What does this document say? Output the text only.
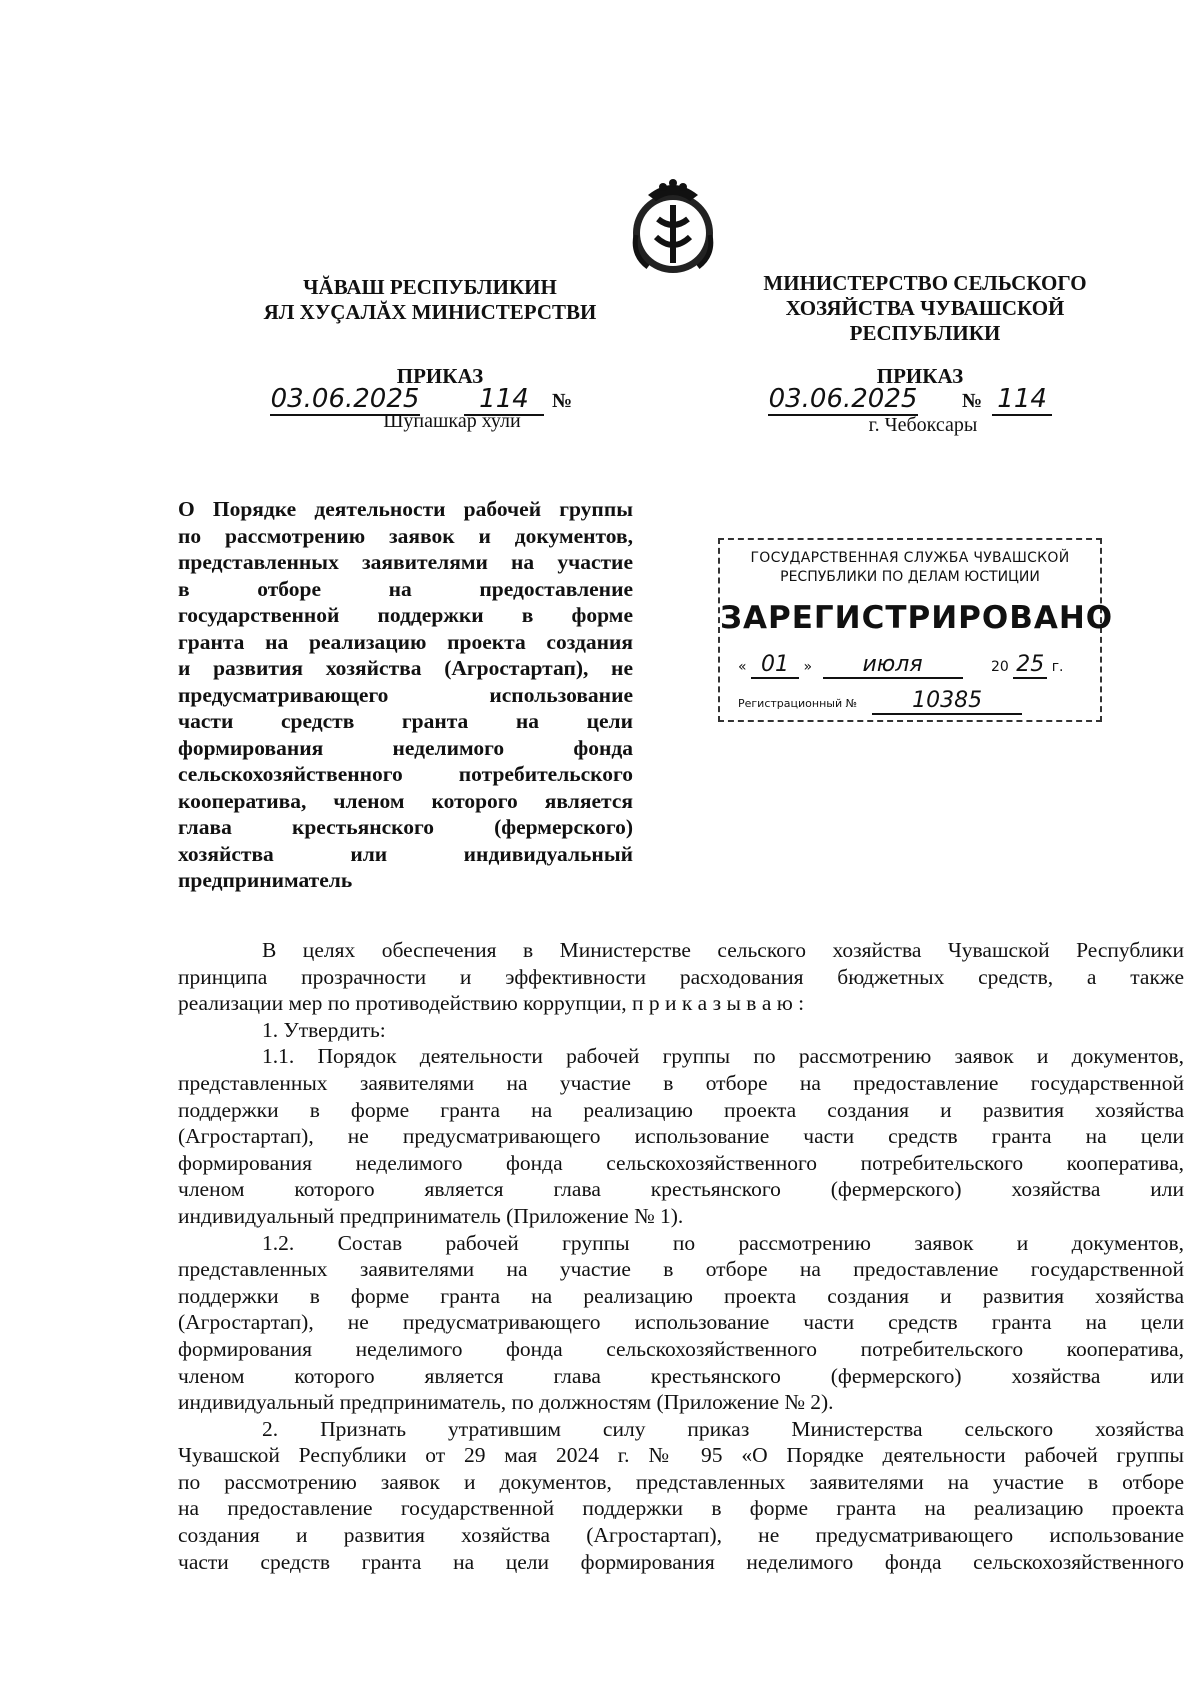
ЧĂВАШ РЕСПУБЛИКИН
ЯЛ ХУÇАЛĂХ МИНИСТЕРСТВИ
МИНИСТЕРСТВО СЕЛЬСКОГО
ХОЗЯЙСТВА ЧУВАШСКОЙ
РЕСПУБЛИКИ
ПРИКАЗ
03.06.2025 114 №
Шупашкар хули
ПРИКАЗ
03.06.2025 № 114
г. Чебоксары
О Порядке деятельности рабочей группы
по рассмотрению заявок и документов,
представленных заявителями на участие
в отборе на предоставление
государственной поддержки в форме
гранта на реализацию проекта создания
и развития хозяйства (Агростартап), не
предусматривающего использование
части средств гранта на цели
формирования неделимого фонда
сельскохозяйственного потребительского
кооператива, членом которого является
глава крестьянского (фермерского)
хозяйства или индивидуальный
предприниматель
ГОСУДАРСТВЕННАЯ СЛУЖБА ЧУВАШСКОЙ
РЕСПУБЛИКИ ПО ДЕЛАМ ЮСТИЦИИ
ЗАРЕГИСТРИРОВАНО
« 01 » июля	20 25 г.
Регистрационный №	10385
В целях обеспечения в Министерстве сельского хозяйства Чувашской Республики
принципа прозрачности и эффективности расходования бюджетных средств, а также
реализации мер по противодействию коррупции, п р и к а з ы в а ю :
1. Утвердить:
1.1. Порядок деятельности рабочей группы по рассмотрению заявок и документов,
представленных заявителями на участие в отборе на предоставление государственной
поддержки в форме гранта на реализацию проекта создания и развития хозяйства
(Агростартап), не предусматривающего использование части средств гранта на цели
формирования неделимого фонда сельскохозяйственного потребительского кооператива,
членом которого является глава крестьянского (фермерского) хозяйства или
индивидуальный предприниматель (Приложение № 1).
1.2. Состав рабочей группы по рассмотрению заявок и документов,
представленных заявителями на участие в отборе на предоставление государственной
поддержки в форме гранта на реализацию проекта создания и развития хозяйства
(Агростартап), не предусматривающего использование части средств гранта на цели
формирования неделимого фонда сельскохозяйственного потребительского кооператива,
членом которого является глава крестьянского (фермерского) хозяйства или
индивидуальный предприниматель, по должностям (Приложение № 2).
2. Признать утратившим силу приказ Министерства сельского хозяйства
Чувашской Республики от 29 мая 2024 г. № 95 «О Порядке деятельности рабочей группы
по рассмотрению заявок и документов, представленных заявителями на участие в отборе
на предоставление государственной поддержки в форме гранта на реализацию проекта
создания и развития хозяйства (Агростартап), не предусматривающего использование
части средств гранта на цели формирования неделимого фонда сельскохозяйственного
